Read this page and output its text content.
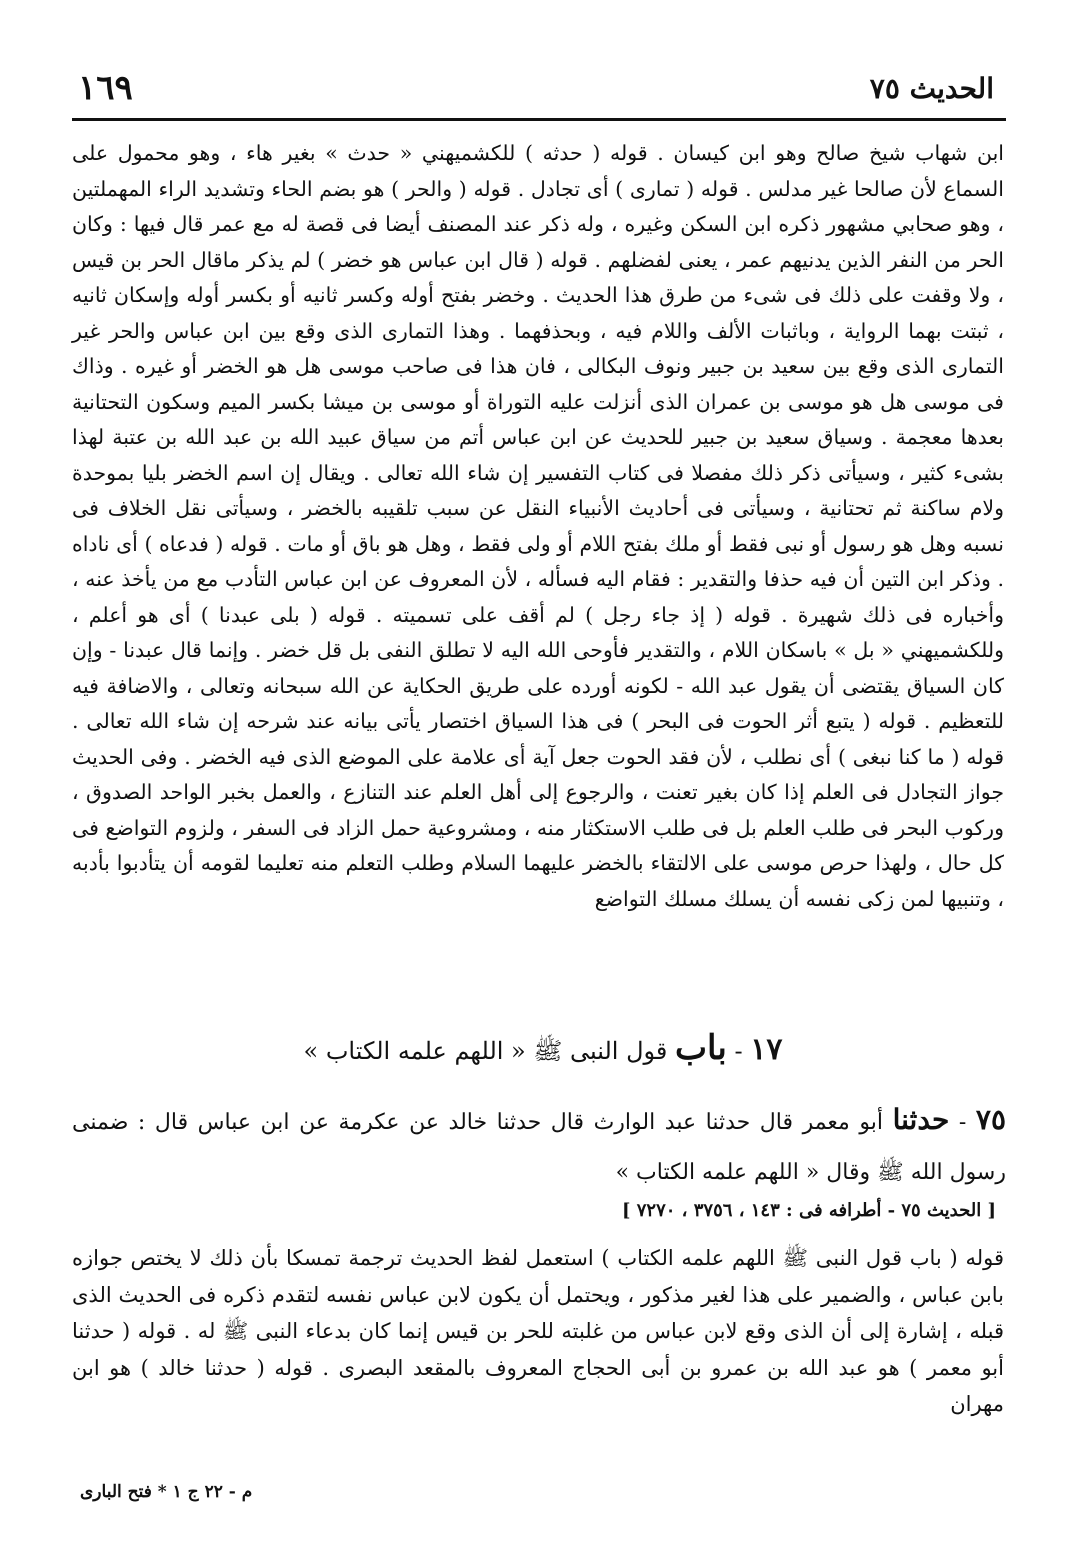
الحديث ٧٥
١٦٩

ابن شهاب شيخ صالح وهو ابن كيسان . قوله ( حدثه ) للكشميهني « حدث » بغير هاء ، وهو محمول على السماع لأن صالحا غير مدلس . قوله ( تمارى ) أى تجادل . قوله ( والحر ) هو بضم الحاء وتشديد الراء المهملتين ، وهو صحابي مشهور ذكره ابن السكن وغيره ، وله ذكر عند المصنف أيضا فى قصة له مع عمر قال فيها : وكان الحر من النفر الذين يدنيهم عمر ، يعنى لفضلهم . قوله ( قال ابن عباس هو خضر ) لم يذكر ماقال الحر بن قيس ، ولا وقفت على ذلك فى شىء من طرق هذا الحديث . وخضر بفتح أوله وكسر ثانيه أو بكسر أوله وإسكان ثانيه ، ثبتت بهما الرواية ، وباثبات الألف واللام فيه ، وبحذفهما . وهذا التمارى الذى وقع بين ابن عباس والحر غير التمارى الذى وقع بين سعيد بن جبير ونوف البكالى ، فان هذا فى صاحب موسى هل هو الخضر أو غيره . وذاك فى موسى هل هو موسى بن عمران الذى أنزلت عليه التوراة أو موسى بن ميشا بكسر الميم وسكون التحتانية بعدها معجمة . وسياق سعيد بن جبير للحديث عن ابن عباس أتم من سياق عبيد الله بن عبد الله بن عتبة لهذا بشىء كثير ، وسيأتى ذكر ذلك مفصلا فى كتاب التفسير إن شاء الله تعالى . ويقال إن اسم الخضر بليا بموحدة ولام ساكنة ثم تحتانية ، وسيأتى فى أحاديث الأنبياء النقل عن سبب تلقيبه بالخضر ، وسيأتى نقل الخلاف فى نسبه وهل هو رسول أو نبى فقط أو ملك بفتح اللام أو ولى فقط ، وهل هو باق أو مات . قوله ( فدعاه ) أى ناداه . وذكر ابن التين أن فيه حذفا والتقدير : فقام اليه فسأله ، لأن المعروف عن ابن عباس التأدب مع من يأخذ عنه ، وأخباره فى ذلك شهيرة . قوله ( إذ جاء رجل ) لم أقف على تسميته . قوله ( بلى عبدنا ) أى هو أعلم ، وللكشميهني « بل » باسكان اللام ، والتقدير فأوحى الله اليه لا تطلق النفى بل قل خضر . وإنما قال عبدنا - وإن كان السياق يقتضى أن يقول عبد الله - لكونه أورده على طريق الحكاية عن الله سبحانه وتعالى ، والاضافة فيه للتعظيم . قوله ( يتبع أثر الحوت فى البحر ) فى هذا السياق اختصار يأتى بيانه عند شرحه إن شاء الله تعالى . قوله ( ما كنا نبغى ) أى نطلب ، لأن فقد الحوت جعل آية أى علامة على الموضع الذى فيه الخضر . وفى الحديث جواز التجادل فى العلم إذا كان بغير تعنت ، والرجوع إلى أهل العلم عند التنازع ، والعمل بخبر الواحد الصدوق ، وركوب البحر فى طلب العلم بل فى طلب الاستكثار منه ، ومشروعية حمل الزاد فى السفر ، ولزوم التواضع فى كل حال ، ولهذا حرص موسى على الالتقاء بالخضر عليهما السلام وطلب التعلم منه تعليما لقومه أن يتأدبوا بأدبه ، وتنبيها لمن زكى نفسه أن يسلك مسلك التواضع

١٧ - باب قول النبى ﷺ « اللهم علمه الكتاب »
٧٥ - حدثنا أبو معمر قال حدثنا عبد الوارث قال حدثنا خالد عن عكرمة عن ابن عباس قال : ضمنى رسول الله ﷺ وقال « اللهم علمه الكتاب »
[ الحديث ٧٥ - أطرافه فى : ١٤٣ ، ٣٧٥٦ ، ٧٢٧٠ ]
قوله ( باب قول النبى ﷺ اللهم علمه الكتاب ) استعمل لفظ الحديث ترجمة تمسكا بأن ذلك لا يختص جوازه بابن عباس ، والضمير على هذا لغير مذكور ، ويحتمل أن يكون لابن عباس نفسه لتقدم ذكره فى الحديث الذى قبله ، إشارة إلى أن الذى وقع لابن عباس من غلبته للحر بن قيس إنما كان بدعاء النبى ﷺ له . قوله ( حدثنا أبو معمر ) هو عبد الله بن عمرو بن أبى الحجاج المعروف بالمقعد البصرى . قوله ( حدثنا خالد ) هو ابن مهران
م - ٢٢ ج ١ * فتح البارى
